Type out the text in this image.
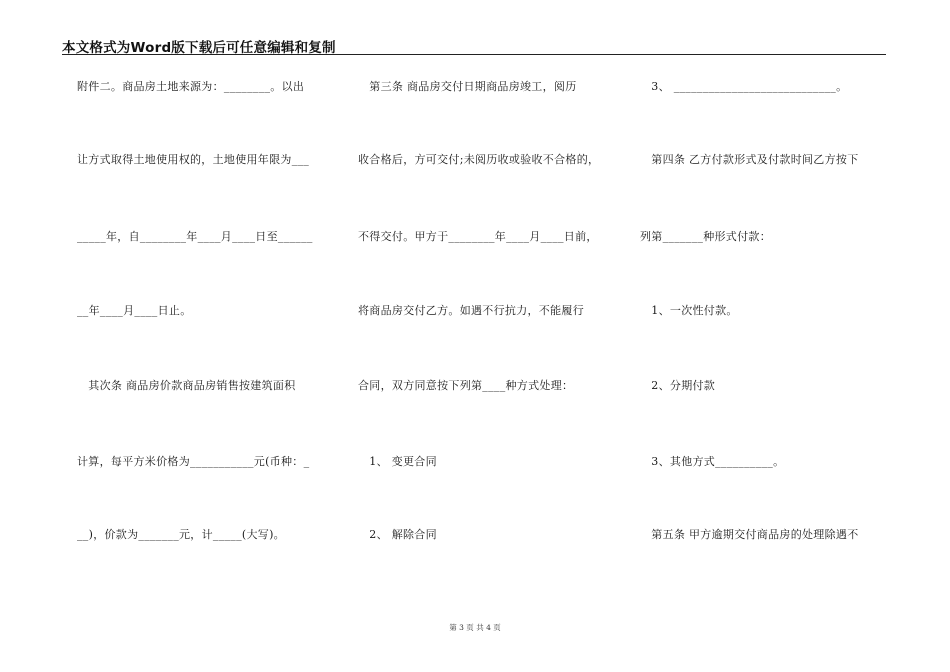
本文格式为Word版下载后可任意编辑和复制
附件二。商品房土地来源为：________。以出
让方式取得土地使用权的，土地使用年限为___
_____年，自________年____月____日至______
__年____月____日止。
　其次条 商品房价款商品房销售按建筑面积
计算，每平方米价格为___________元(币种：_
__)，价款为_______元，计_____(大写)。
　第三条 商品房交付日期商品房竣工，阅历
收合格后，方可交付;未阅历收或验收不合格的，
不得交付。甲方于________年____月____日前，
将商品房交付乙方。如遇不行抗力，不能履行
合同，双方同意按下列第____种方式处理：
　1、 变更合同
　2、 解除合同
　3、 ____________________________。
　第四条 乙方付款形式及付款时间乙方按下
列第_______种形式付款：
　1、一次性付款。
　2、分期付款
　3、其他方式__________。
　第五条 甲方逾期交付商品房的处理除遇不
第 3 页 共 4 页
